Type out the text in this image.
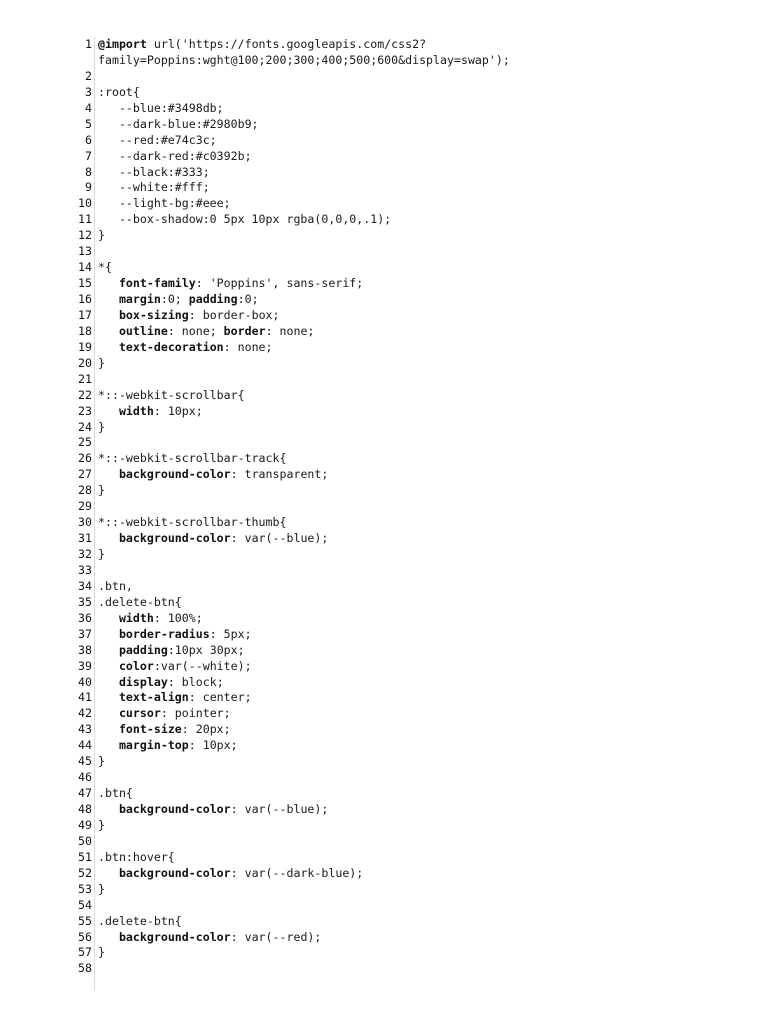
1 @import url('https://fonts.googleapis.com/css2?
family=Poppins:wght@100;200;300;400;500;600&display=swap');
2
3 :root{
4 --blue:#3498db;
5 --dark-blue:#2980b9;
6 --red:#e74c3c;
7 --dark-red:#c0392b;
8 --black:#333;
9 --white:#fff;
10 --light-bg:#eee;
11 --box-shadow:0 5px 10px rgba(0,0,0,.1);
12 }
13
14 *{
15	font-family: 'Poppins', sans-serif;
16	margin:0; padding:0;
17	box-sizing: border-box;
18	outline: none; border: none;
19	text-decoration: none;
20 }
21
22 *::-webkit-scrollbar{
23	width: 10px;
24 }
25
26 *::-webkit-scrollbar-track{
27	background-color: transparent;
28 }
29
30 *::-webkit-scrollbar-thumb{
31	background-color: var(--blue);
32 }
33
34 .btn,
35 .delete-btn{
36	width: 100%;
37	border-radius: 5px;
38	padding:10px 30px;
39	color:var(--white);
40	display: block;
41	text-align: center;
42	cursor: pointer;
43	font-size: 20px;
44	margin-top: 10px;
45 }
46
47 .btn{
48	background-color: var(--blue);
49 }
50
51 .btn:hover{
52	background-color: var(--dark-blue);
53 }
54
55 .delete-btn{
56	background-color: var(--red);
57 }
58
